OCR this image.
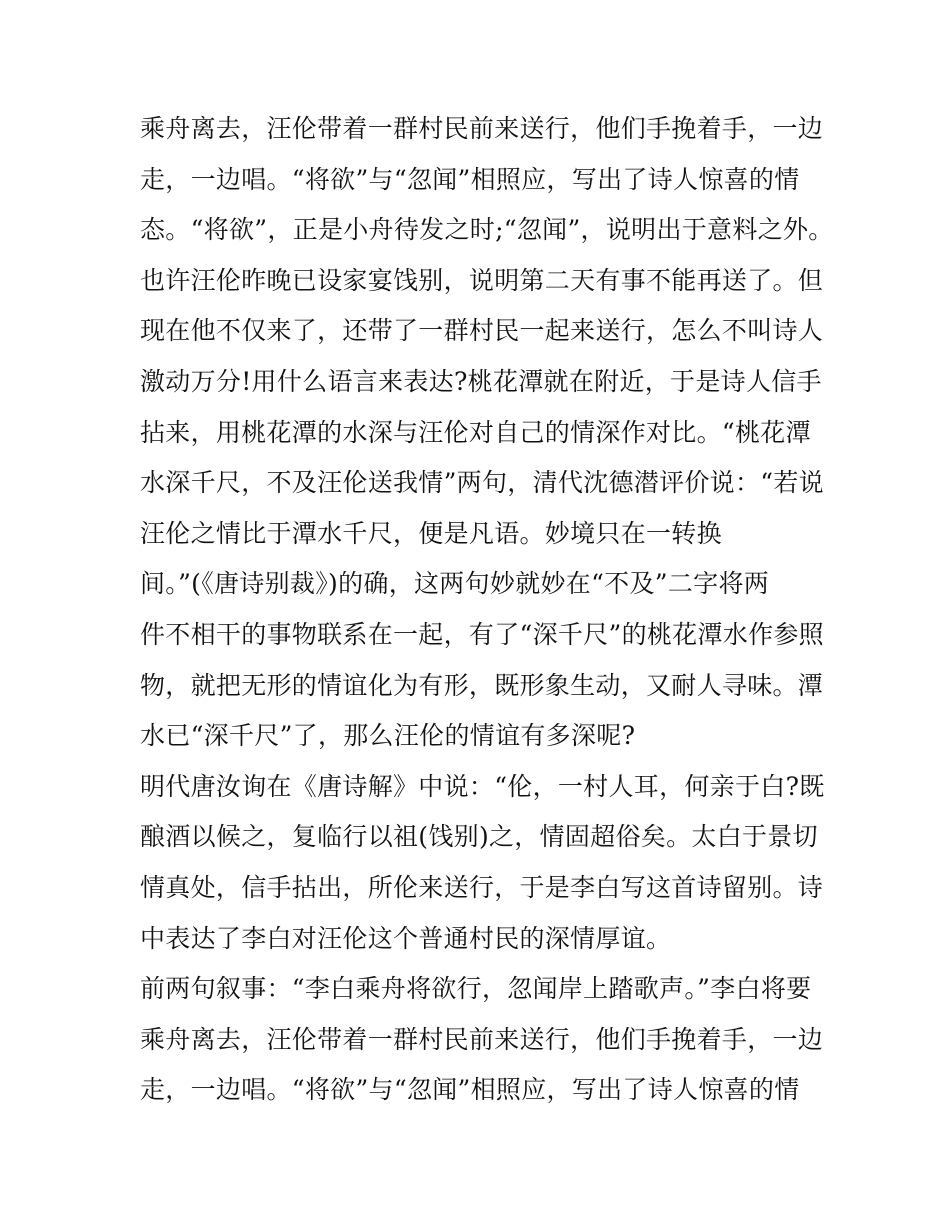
乘舟离去，汪伦带着一群村民前来送行，他们手挽着手，一边
走，一边唱。“将欲”与“忽闻”相照应，写出了诗人惊喜的情
态。“将欲”，正是小舟待发之时;“忽闻”，说明出于意料之外。
也许汪伦昨晚已设家宴饯别，说明第二天有事不能再送了。但
现在他不仅来了，还带了一群村民一起来送行，怎么不叫诗人
激动万分!用什么语言来表达?桃花潭就在附近，于是诗人信手
拈来，用桃花潭的水深与汪伦对自己的情深作对比。“桃花潭
水深千尺，不及汪伦送我情”两句，清代沈德潜评价说：“若说
汪伦之情比于潭水千尺，便是凡语。妙境只在一转换
间。”(《唐诗别裁》)的确，这两句妙就妙在“不及”二字将两
件不相干的事物联系在一起，有了“深千尺”的桃花潭水作参照
物，就把无形的情谊化为有形，既形象生动，又耐人寻味。潭
水已“深千尺”了，那么汪伦的情谊有多深呢?
明代唐汝询在《唐诗解》中说：“伦，一村人耳，何亲于白?既
酿酒以候之，复临行以祖(饯别)之，情固超俗矣。太白于景切
情真处，信手拈出，所伦来送行，于是李白写这首诗留别。诗
中表达了李白对汪伦这个普通村民的深情厚谊。
前两句叙事：“李白乘舟将欲行，忽闻岸上踏歌声。”李白将要
乘舟离去，汪伦带着一群村民前来送行，他们手挽着手，一边
走，一边唱。“将欲”与“忽闻”相照应，写出了诗人惊喜的情
